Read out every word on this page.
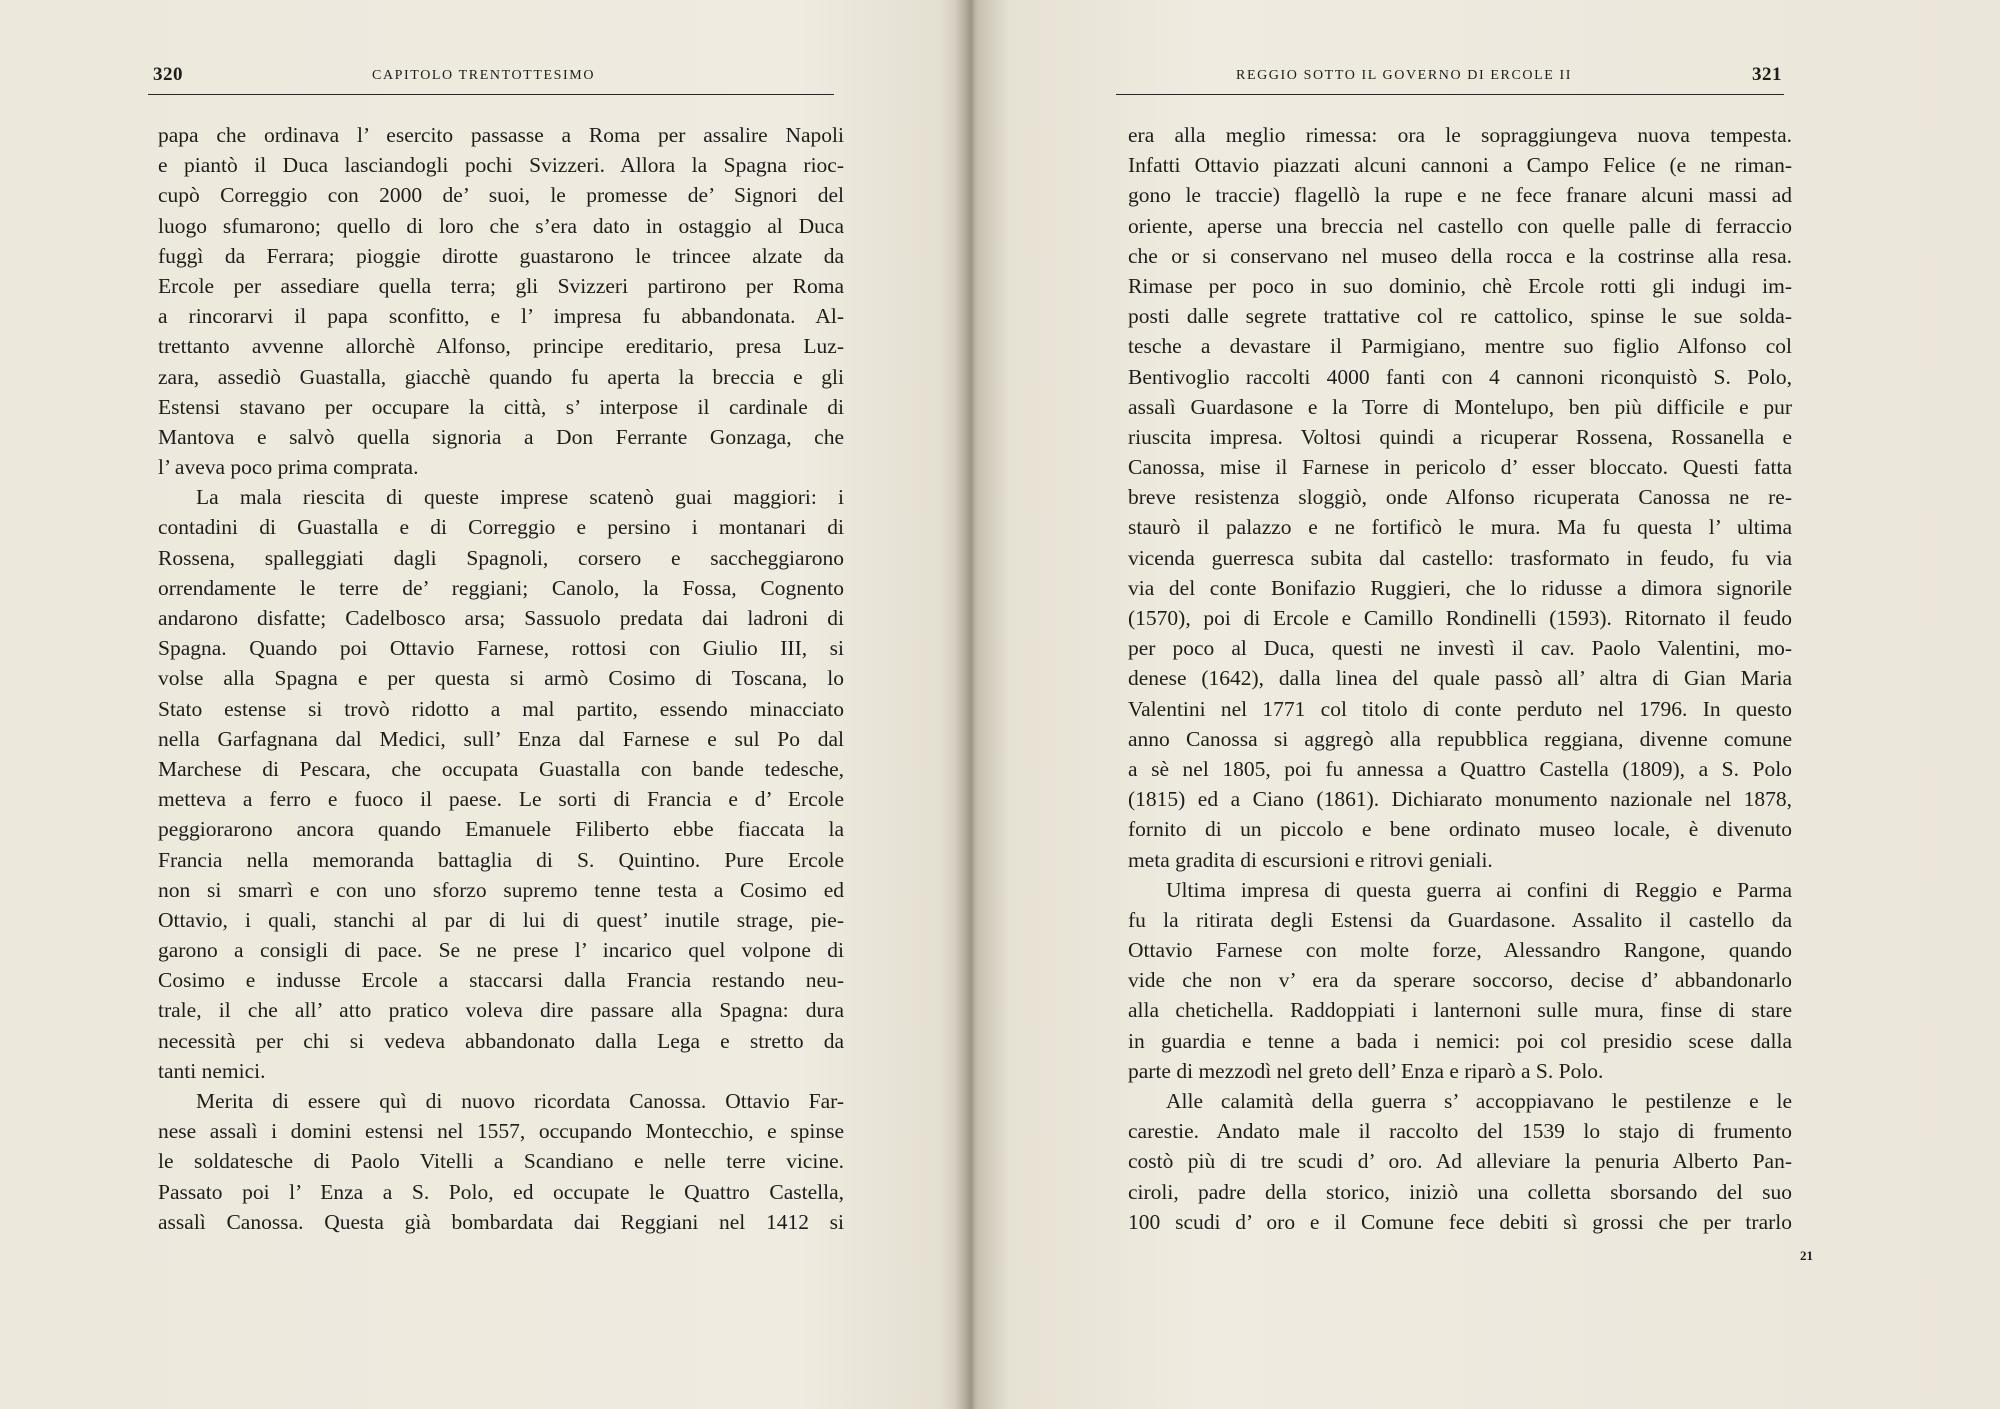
320	CAPITOLO TRENTOTTESIMO
papa che ordinava l’ esercito passasse a Roma per assalire Napoli
e piantò il Duca lasciandogli pochi Svizzeri. Allora la Spagna rioc-
cupò Correggio con 2000 de’ suoi, le promesse de’ Signori del
luogo sfumarono; quello di loro che s’era dato in ostaggio al Duca
fuggì da Ferrara; pioggie dirotte guastarono le trincee alzate da
Ercole per assediare quella terra; gli Svizzeri partirono per Roma
a rincorarvi il papa sconfitto, e l’ impresa fu abbandonata. Al-
trettanto avvenne allorchè Alfonso, principe ereditario, presa Luz-
zara, assediò Guastalla, giacchè quando fu aperta la breccia e gli
Estensi stavano per occupare la città, s’ interpose il cardinale di
Mantova e salvò quella signoria a Don Ferrante Gonzaga, che
l’ aveva poco prima comprata.
La mala riescita di queste imprese scatenò guai maggiori: i
contadini di Guastalla e di Correggio e persino i montanari di
Rossena, spalleggiati dagli Spagnoli, corsero e saccheggiarono
orrendamente le terre de’ reggiani; Canolo, la Fossa, Cognento
andarono disfatte; Cadelbosco arsa; Sassuolo predata dai ladroni di
Spagna. Quando poi Ottavio Farnese, rottosi con Giulio III, si
volse alla Spagna e per questa si armò Cosimo di Toscana, lo
Stato estense si trovò ridotto a mal partito, essendo minacciato
nella Garfagnana dal Medici, sull’ Enza dal Farnese e sul Po dal
Marchese di Pescara, che occupata Guastalla con bande tedesche,
metteva a ferro e fuoco il paese. Le sorti di Francia e d’ Ercole
peggiorarono ancora quando Emanuele Filiberto ebbe fiaccata la
Francia nella memoranda battaglia di S. Quintino. Pure Ercole
non si smarrì e con uno sforzo supremo tenne testa a Cosimo ed
Ottavio, i quali, stanchi al par di lui di quest’ inutile strage, pie-
garono a consigli di pace. Se ne prese l’ incarico quel volpone di
Cosimo e indusse Ercole a staccarsi dalla Francia restando neu-
trale, il che all’ atto pratico voleva dire passare alla Spagna: dura
necessità per chi si vedeva abbandonato dalla Lega e stretto da
tanti nemici.
Merita di essere quì di nuovo ricordata Canossa. Ottavio Far-
nese assalì i domini estensi nel 1557, occupando Montecchio, e spinse
le soldatesche di Paolo Vitelli a Scandiano e nelle terre vicine.
Passato poi l’ Enza a S. Polo, ed occupate le Quattro Castella,
assalì Canossa. Questa già bombardata dai Reggiani nel 1412 si
REGGIO SOTTO IL GOVERNO DI ERCOLE II	321
era alla meglio rimessa: ora le sopraggiungeva nuova tempesta.
Infatti Ottavio piazzati alcuni cannoni a Campo Felice (e ne riman-
gono le traccie) flagellò la rupe e ne fece franare alcuni massi ad
oriente, aperse una breccia nel castello con quelle palle di ferraccio
che or si conservano nel museo della rocca e la costrinse alla resa.
Rimase per poco in suo dominio, chè Ercole rotti gli indugi im-
posti dalle segrete trattative col re cattolico, spinse le sue solda-
tesche a devastare il Parmigiano, mentre suo figlio Alfonso col
Bentivoglio raccolti 4000 fanti con 4 cannoni riconquistò S. Polo,
assalì Guardasone e la Torre di Montelupo, ben più difficile e pur
riuscita impresa. Voltosi quindi a ricuperar Rossena, Rossanella e
Canossa, mise il Farnese in pericolo d’ esser bloccato. Questi fatta
breve resistenza sloggiò, onde Alfonso ricuperata Canossa ne re-
staurò il palazzo e ne fortificò le mura. Ma fu questa l’ ultima
vicenda guerresca subita dal castello: trasformato in feudo, fu via
via del conte Bonifazio Ruggieri, che lo ridusse a dimora signorile
(1570), poi di Ercole e Camillo Rondinelli (1593). Ritornato il feudo
per poco al Duca, questi ne investì il cav. Paolo Valentini, mo-
denese (1642), dalla linea del quale passò all’ altra di Gian Maria
Valentini nel 1771 col titolo di conte perduto nel 1796. In questo
anno Canossa si aggregò alla repubblica reggiana, divenne comune
a sè nel 1805, poi fu annessa a Quattro Castella (1809), a S. Polo
(1815) ed a Ciano (1861). Dichiarato monumento nazionale nel 1878,
fornito di un piccolo e bene ordinato museo locale, è divenuto
meta gradita di escursioni e ritrovi geniali.
Ultima impresa di questa guerra ai confini di Reggio e Parma
fu la ritirata degli Estensi da Guardasone. Assalito il castello da
Ottavio Farnese con molte forze, Alessandro Rangone, quando
vide che non v’ era da sperare soccorso, decise d’ abbandonarlo
alla chetichella. Raddoppiati i lanternoni sulle mura, finse di stare
in guardia e tenne a bada i nemici: poi col presidio scese dalla
parte di mezzodì nel greto dell’ Enza e riparò a S. Polo.
Alle calamità della guerra s’ accoppiavano le pestilenze e le
carestie. Andato male il raccolto del 1539 lo stajo di frumento
costò più di tre scudi d’ oro. Ad alleviare la penuria Alberto Pan-
ciroli, padre della storico, iniziò una colletta sborsando del suo
100 scudi d’ oro e il Comune fece debiti sì grossi che per trarlo
21
